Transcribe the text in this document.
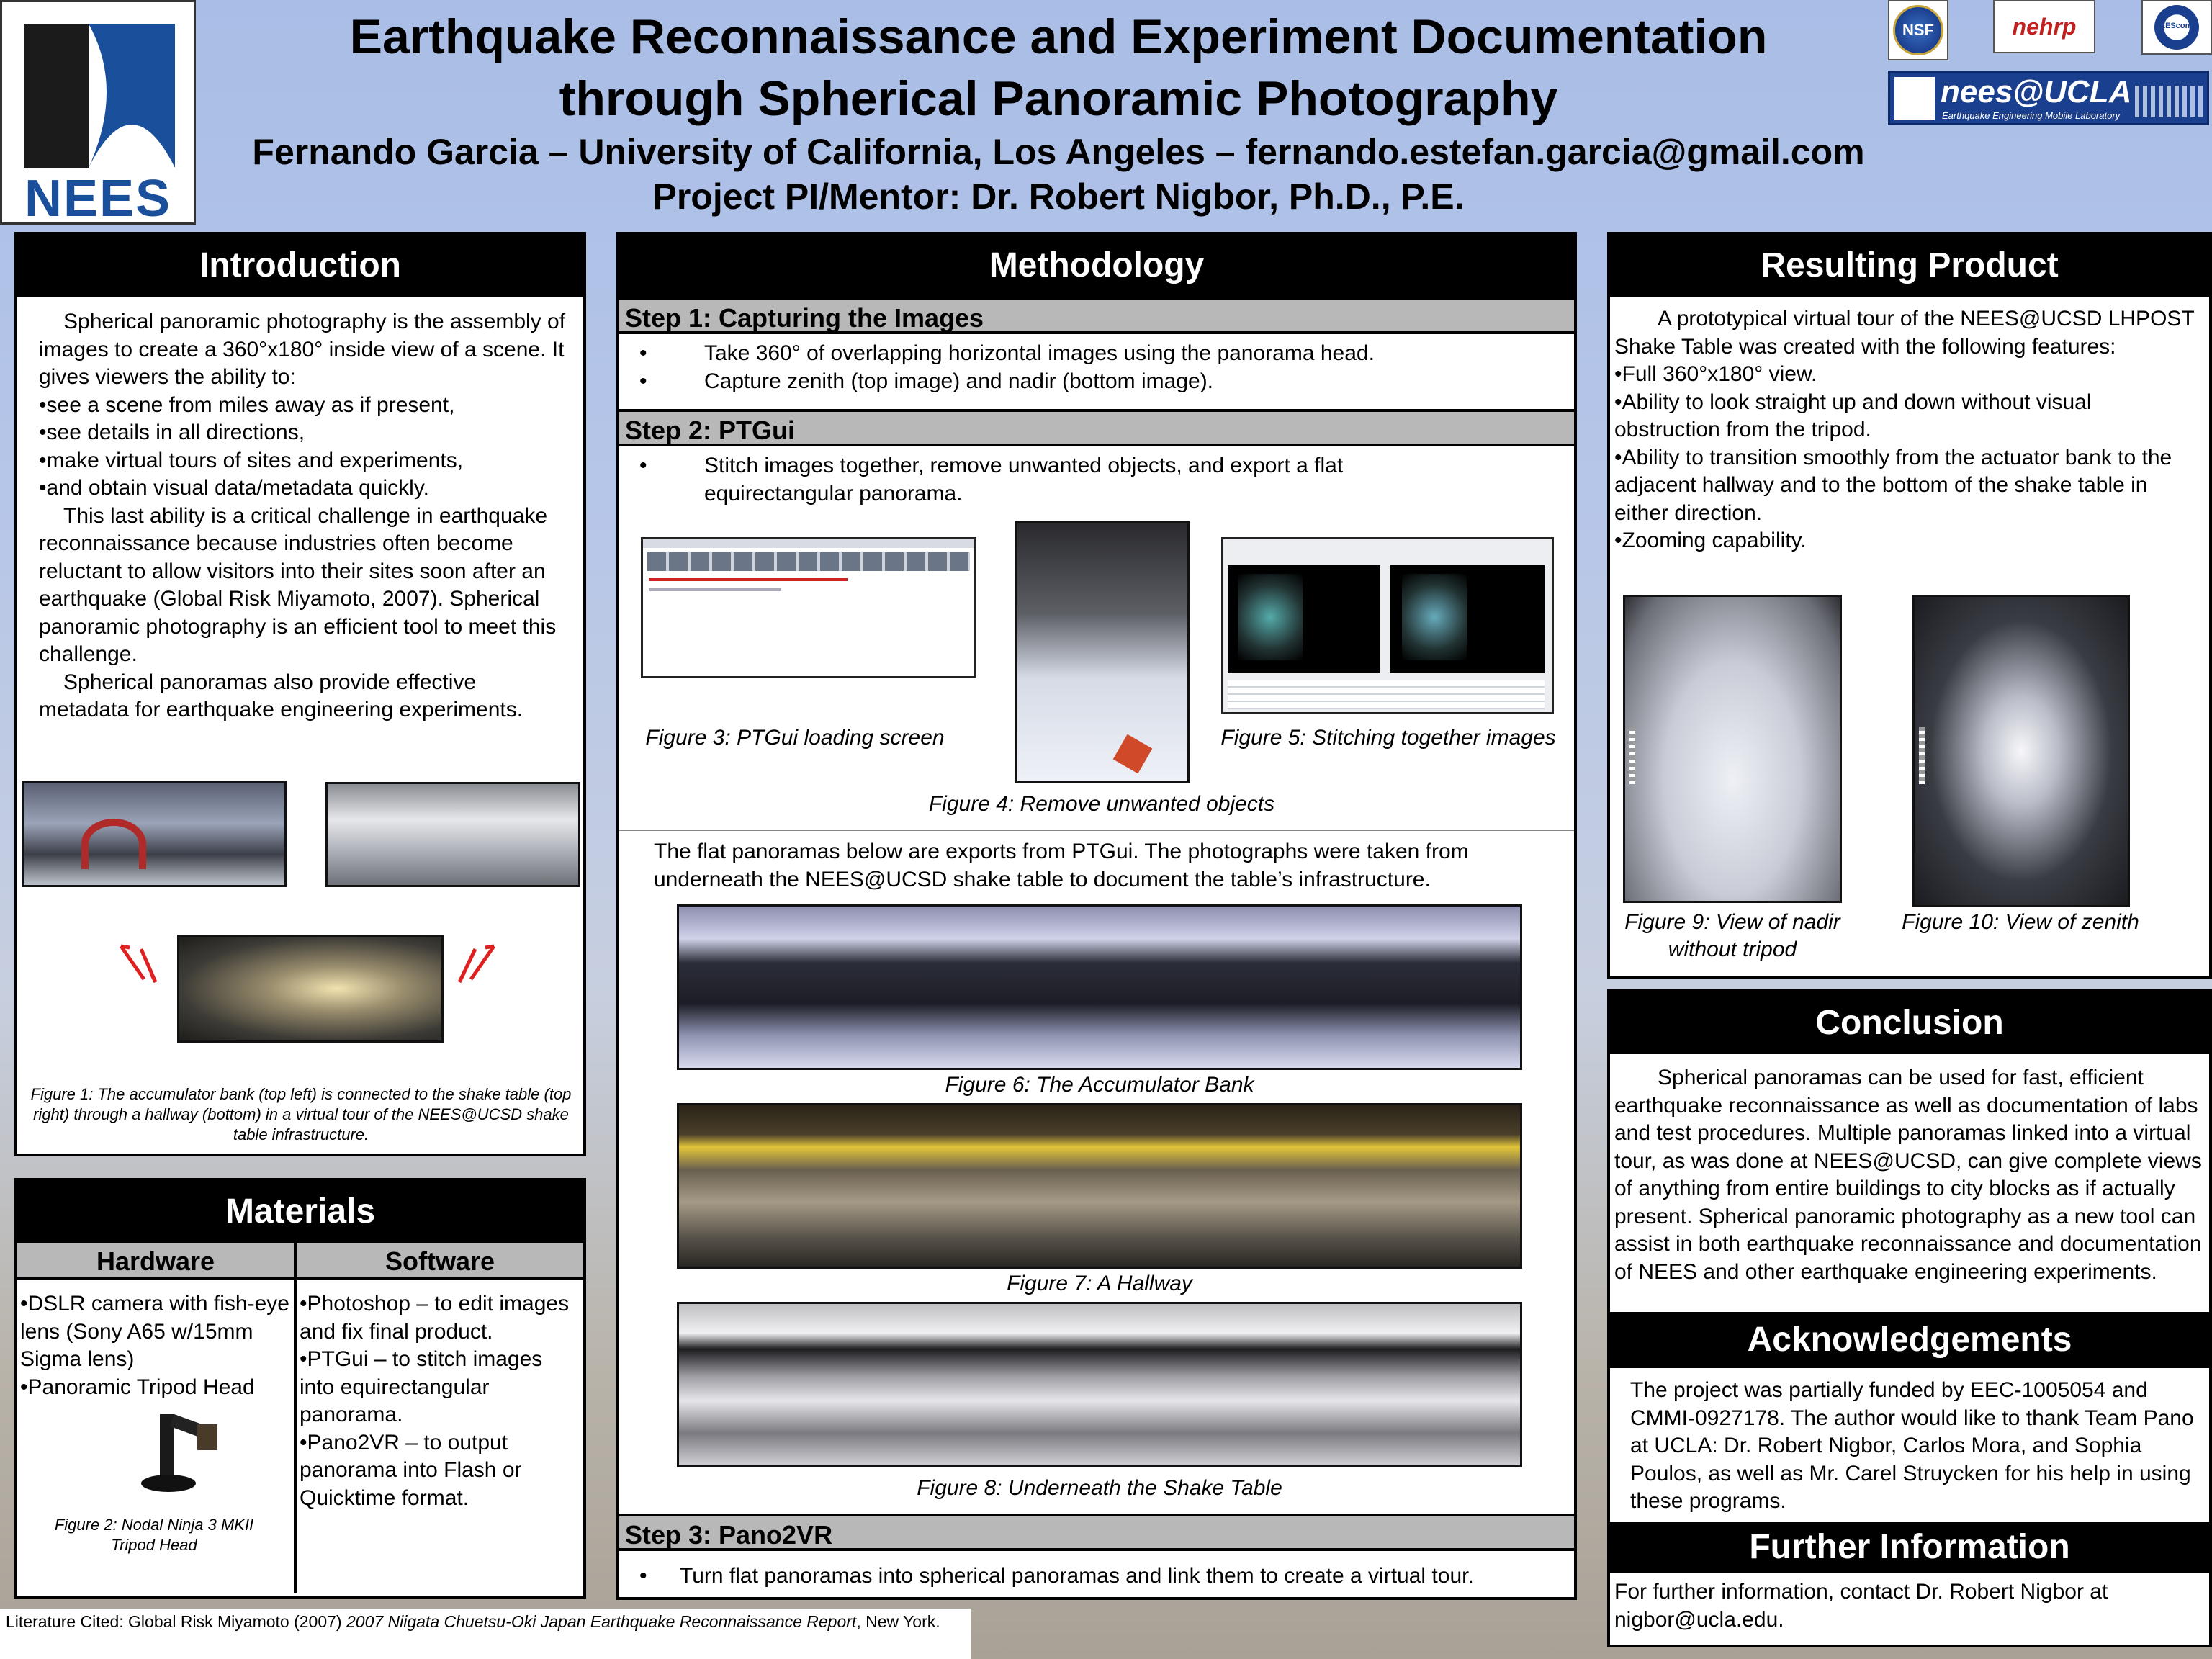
NEES
Earthquake Reconnaissance and Experiment Documentation
through Spherical Panoramic Photography
Fernando Garcia – University of California, Los Angeles – fernando.estefan.garcia@gmail.com
Project PI/Mentor: Dr. Robert Nigbor, Ph.D., P.E.
NSF	nehrp	NEEScomm
nees@UCLA
Earthquake Engineering Mobile Laboratory
Introduction
Spherical panoramic photography is the assembly of images to create a 360°x180° inside view of a scene. It gives viewers the ability to:
•see a scene from miles away as if present,
•see details in all directions,
•make virtual tours of sites and experiments,
•and obtain visual data/metadata quickly.
This last ability is a critical challenge in earthquake reconnaissance because industries often become reluctant to allow visitors into their sites soon after an earthquake (Global Risk Miyamoto, 2007). Spherical panoramic photography is an efficient tool to meet this challenge.
Spherical panoramas also provide effective metadata for earthquake engineering experiments.
Figure 1: The accumulator bank (top left) is connected to the shake table (top right) through a hallway (bottom) in a virtual tour of the NEES@UCSD shake table infrastructure.
Materials
Hardware	Software
•DSLR camera with fish-eye lens (Sony A65 w/15mm Sigma lens)
•Panoramic Tripod Head
Figure 2: Nodal Ninja 3 MKII Tripod Head
•Photoshop – to edit images and fix final product.
•PTGui – to stitch images into equirectangular panorama.
•Pano2VR – to output panorama into Flash or Quicktime format.
Literature Cited: Global Risk Miyamoto (2007) 2007 Niigata Chuetsu-Oki Japan Earthquake Reconnaissance Report, New York.
Methodology
Step 1: Capturing the Images
•	Take 360° of overlapping horizontal images using the panorama head.
•	Capture zenith (top image) and nadir (bottom image).
Step 2: PTGui
•	Stitch images together, remove unwanted objects, and export a flat equirectangular panorama.
Figure 3: PTGui loading screen
Figure 4: Remove unwanted objects
Figure 5: Stitching together images
The flat panoramas below are exports from PTGui. The photographs were taken from underneath the NEES@UCSD shake table to document the table’s infrastructure.
Figure 6: The Accumulator Bank
Figure 7: A Hallway
Figure 8: Underneath the Shake Table
Step 3: Pano2VR
•	Turn flat panoramas into spherical panoramas and link them to create a virtual tour.
Resulting Product
A prototypical virtual tour of the NEES@UCSD LHPOST Shake Table was created with the following features:
•Full 360°x180° view.
•Ability to look straight up and down without visual obstruction from the tripod.
•Ability to transition smoothly from the actuator bank to the adjacent hallway and to the bottom of the shake table in either direction.
•Zooming capability.
Figure 9: View of nadir without tripod
Figure 10: View of zenith
Conclusion
Spherical panoramas can be used for fast, efficient earthquake reconnaissance as well as documentation of labs and test procedures. Multiple panoramas linked into a virtual tour, as was done at NEES@UCSD, can give complete views of anything from entire buildings to city blocks as if actually present. Spherical panoramic photography as a new tool can assist in both earthquake reconnaissance and documentation of NEES and other earthquake engineering experiments.
Acknowledgements
The project was partially funded by EEC-1005054 and CMMI-0927178. The author would like to thank Team Pano at UCLA: Dr. Robert Nigbor, Carlos Mora, and Sophia Poulos, as well as Mr. Carel Struycken for his help in using these programs.
Further Information
For further information, contact Dr. Robert Nigbor at nigbor@ucla.edu.
